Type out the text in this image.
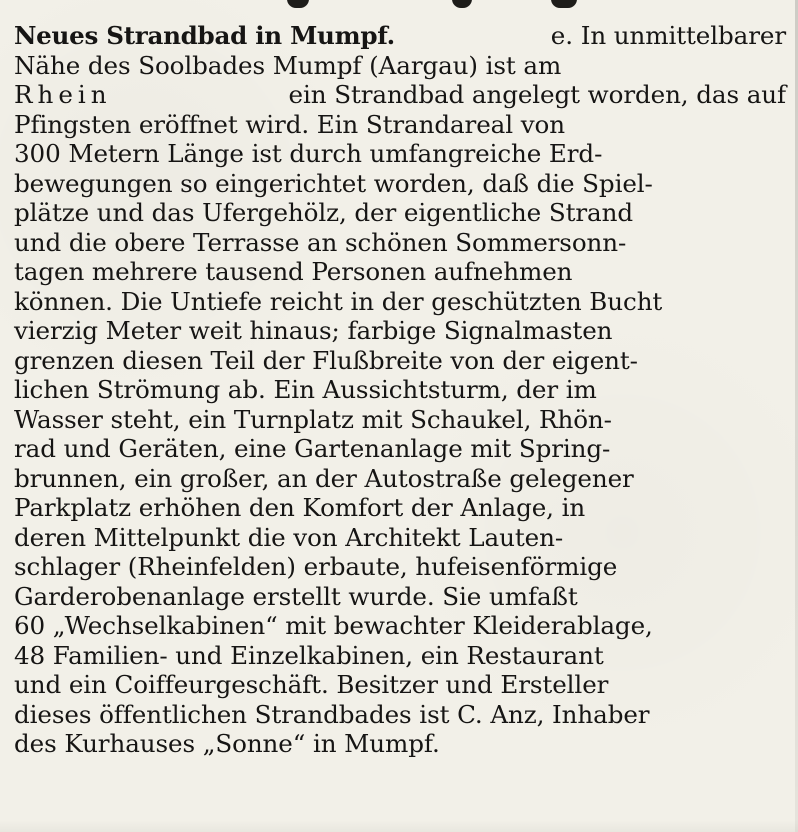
Neues Strandbad in Mumpf.	e. In unmittelbarer
Nähe des Soolbades Mumpf (Aargau) ist am
Rhein	ein Strandbad angelegt worden, das auf
Pfingsten eröffnet wird. Ein Strandareal von
300 Metern Länge ist durch umfangreiche Erd-
bewegungen so eingerichtet worden, daß die Spiel-
plätze und das Ufergehölz, der eigentliche Strand
und die obere Terrasse an schönen Sommersonn-
tagen mehrere tausend Personen aufnehmen
können. Die Untiefe reicht in der geschützten Bucht
vierzig Meter weit hinaus; farbige Signalmasten
grenzen diesen Teil der Flußbreite von der eigent-
lichen Strömung ab. Ein Aussichtsturm, der im
Wasser steht, ein Turnplatz mit Schaukel, Rhön-
rad und Geräten, eine Gartenanlage mit Spring-
brunnen, ein großer, an der Autostraße gelegener
Parkplatz erhöhen den Komfort der Anlage, in
deren Mittelpunkt die von Architekt Lauten-
schlager (Rheinfelden) erbaute, hufeisenförmige
Garderobenanlage erstellt wurde. Sie umfaßt
60 „Wechselkabinen“ mit bewachter Kleiderablage,
48 Familien- und Einzelkabinen, ein Restaurant
und ein Coiffeurgeschäft. Besitzer und Ersteller
dieses öffentlichen Strandbades ist C. Anz, Inhaber
des Kurhauses „Sonne“ in Mumpf.
